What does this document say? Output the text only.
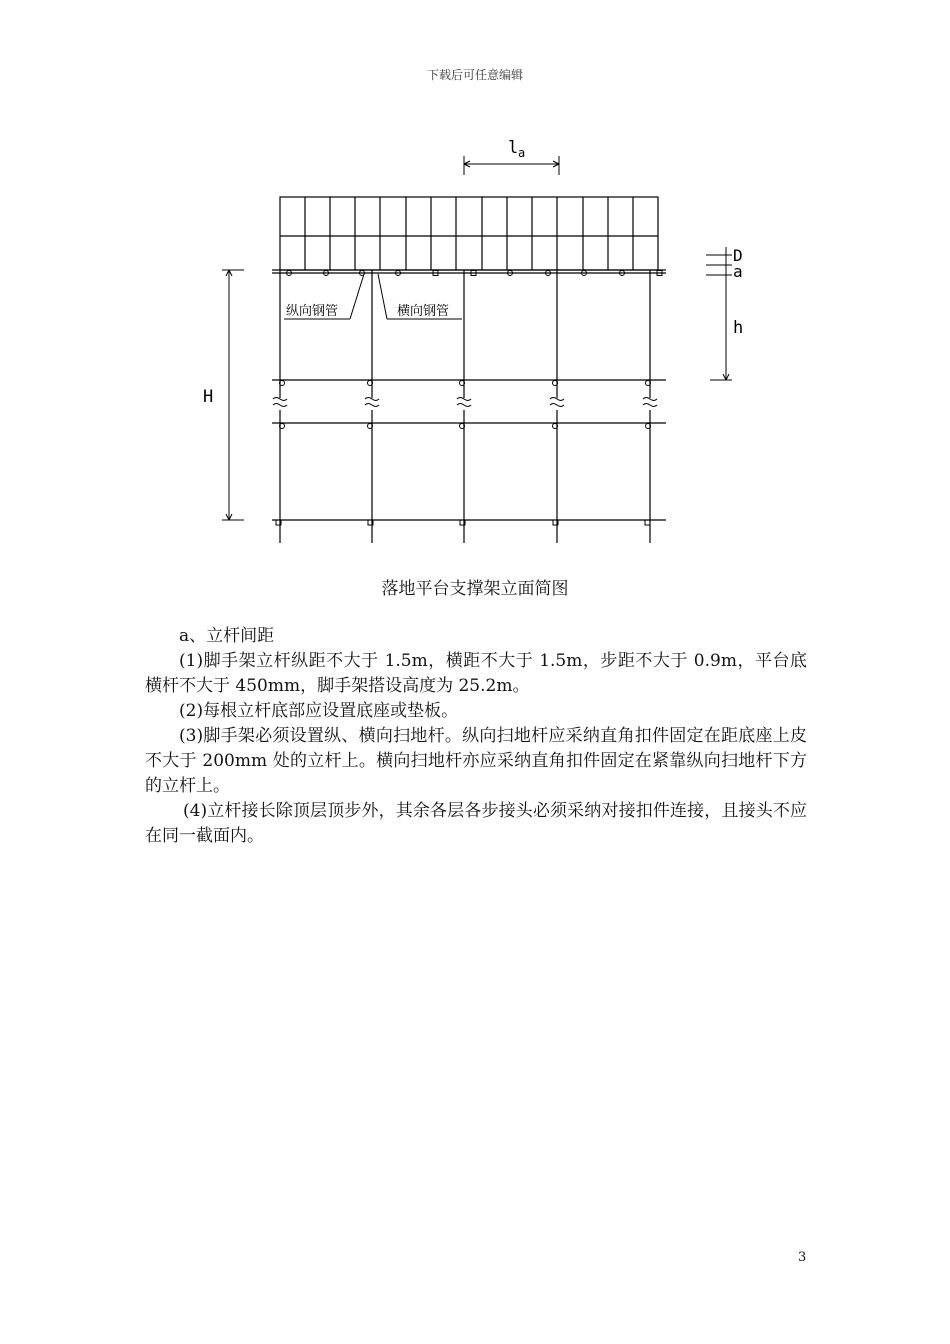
下载后可任意编辑
l a
D
a
h
H
纵向钢管	横向钢管
落地平台支撑架立面简图

a、立杆间距

(1)脚手架立杆纵距不大于 1.5m，横距不大于 1.5m，步距不大于 0.9m，平台底横杆不大于 450mm，脚手架搭设高度为 25.2m。

(2)每根立杆底部应设置底座或垫板。

(3)脚手架必须设置纵、横向扫地杆。纵向扫地杆应采纳直角扣件固定在距底座上皮不大于 200mm 处的立杆上。横向扫地杆亦应采纳直角扣件固定在紧靠纵向扫地杆下方的立杆上。

(4)立杆接长除顶层顶步外，其余各层各步接头必须采纳对接扣件连接，且接头不应在同一截面内。

3
